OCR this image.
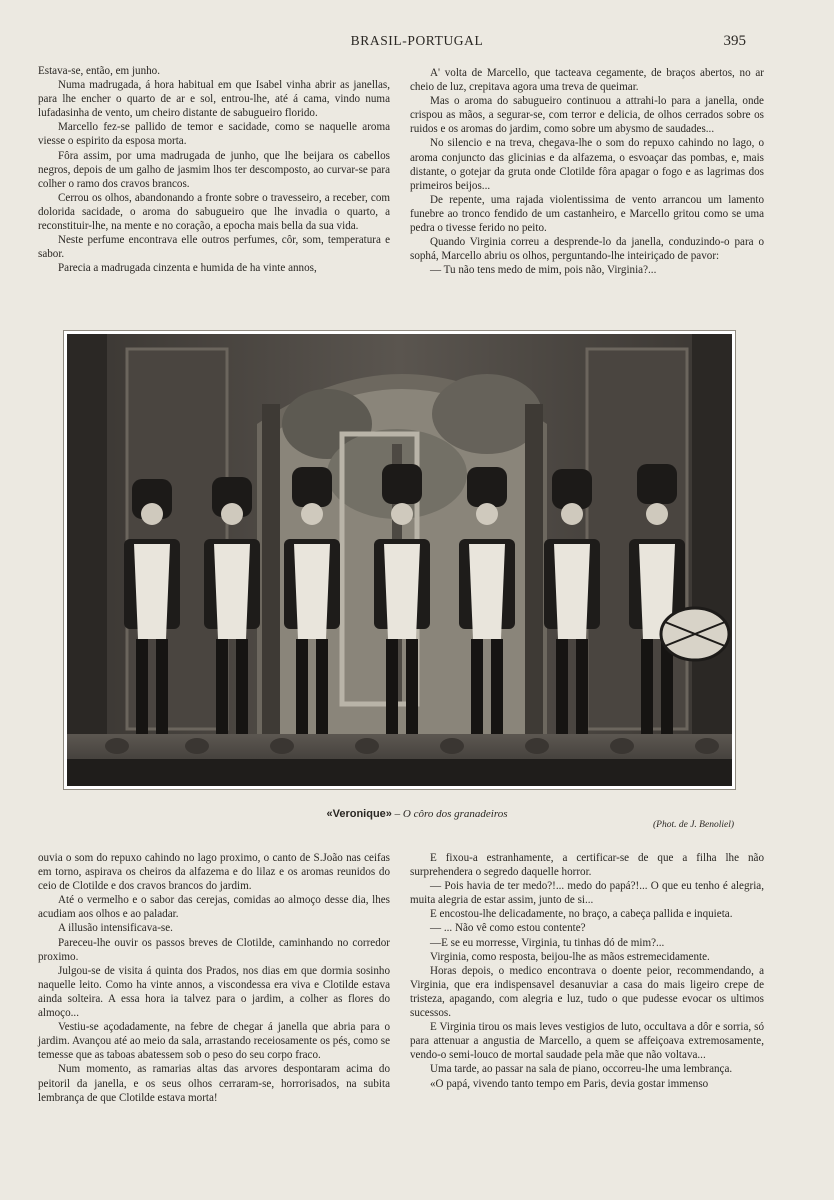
BRASIL-PORTUGAL	395

Estava-se, então, em junho.

Numa madrugada, á hora habitual em que Isabel vinha abrir as janellas, para lhe encher o quarto de ar e sol, entrou-lhe, até á cama, vindo numa lufadasinha de vento, um cheiro distante de sabugueiro florido.

Marcello fez-se pallido de temor e sacidade, como se naquelle aroma viesse o espirito da esposa morta.

Fôra assim, por uma madrugada de junho, que lhe beijara os cabellos negros, depois de um galho de jasmim lhos ter descomposto, ao curvar-se para colher o ramo dos cravos brancos.

Cerrou os olhos, abandonando a fronte sobre o travesseiro, a receber, com dolorida sacidade, o aroma do sabugueiro que lhe invadia o quarto, a reconstituir-lhe, na mente e no coração, a epocha mais bella da sua vida.

Neste perfume encontrava elle outros perfumes, côr, som, temperatura e sabor.

Parecia a madrugada cinzenta e humida de ha vinte annos,

A' volta de Marcello, que tacteava cegamente, de braços abertos, no ar cheio de luz, crepitava agora uma treva de queimar.

Mas o aroma do sabugueiro continuou a attrahi-lo para a janella, onde crispou as mãos, a segurar-se, com terror e delicia, de olhos cerrados sobre os ruidos e os aromas do jardim, como sobre um abysmo de saudades...

No silencio e na treva, chegava-lhe o som do repuxo cahindo no lago, o aroma conjuncto das glicinias e da alfazema, o esvoaçar das pombas, e, mais distante, o gotejar da gruta onde Clotilde fôra apagar o fogo e as lagrimas dos primeiros beijos...

De repente, uma rajada violentissima de vento arrancou um lamento funebre ao tronco fendido de um castanheiro, e Marcello gritou como se uma pedra o tivesse ferido no peito.

Quando Virginia correu a desprende-lo da janella, conduzindo-o para o sophá, Marcello abriu os olhos, perguntando-lhe inteiriçado de pavor:

— Tu não tens medo de mim, pois não, Virginia?...

«Veronique» – O côro dos granadeiros
(Phot. de J. Benoliel)

ouvia o som do repuxo cahindo no lago proximo, o canto de S.João nas ceifas em torno, aspirava os cheiros da alfazema e do lilaz e os aromas reunidos do ceio de Clotilde e dos cravos brancos do jardim.

Até o vermelho e o sabor das cerejas, comidas ao almoço desse dia, lhes acudiam aos olhos e ao paladar.

A illusão intensificava-se.

Pareceu-lhe ouvir os passos breves de Clotilde, caminhando no corredor proximo.

Julgou-se de visita á quinta dos Prados, nos dias em que dormia sosinho naquelle leito. Como ha vinte annos, a viscondessa era viva e Clotilde estava ainda solteira. A essa hora ia talvez para o jardim, a colher as flores do almoço...

Vestiu-se açodadamente, na febre de chegar á janella que abria para o jardim. Avançou até ao meio da sala, arrastando receiosamente os pés, como se temesse que as taboas abatessem sob o peso do seu corpo fraco.

Num momento, as ramarias altas das arvores despontaram acima do peitoril da janella, e os seus olhos cerraram-se, horrorisados, na subita lembrança de que Clotilde estava morta!

E fixou-a estranhamente, a certificar-se de que a filha lhe não surprehendera o segredo daquelle horror.

— Pois havia de ter medo?!... medo do papá?!... O que eu tenho é alegria, muita alegria de estar assim, junto de si...

E encostou-lhe delicadamente, no braço, a cabeça pallida e inquieta.

— ... Não vê como estou contente?

—E se eu morresse, Virginia, tu tinhas dó de mim?...

Virginia, como resposta, beijou-lhe as mãos estremecidamente.

Horas depois, o medico encontrava o doente peior, recommendando, a Virginia, que era indispensavel desanuviar a casa do mais ligeiro crepe de tristeza, apagando, com alegria e luz, tudo o que pudesse evocar os ultimos sucessos.

E Virginia tirou os mais leves vestigios de luto, occultava a dôr e sorria, só para attenuar a angustia de Marcello, a quem se affeiçoava extremosamente, vendo-o semi-louco de mortal saudade pela mãe que não voltava...

Uma tarde, ao passar na sala de piano, occorreu-lhe uma lembrança.

«O papá, vivendo tanto tempo em Paris, devia gostar immenso
